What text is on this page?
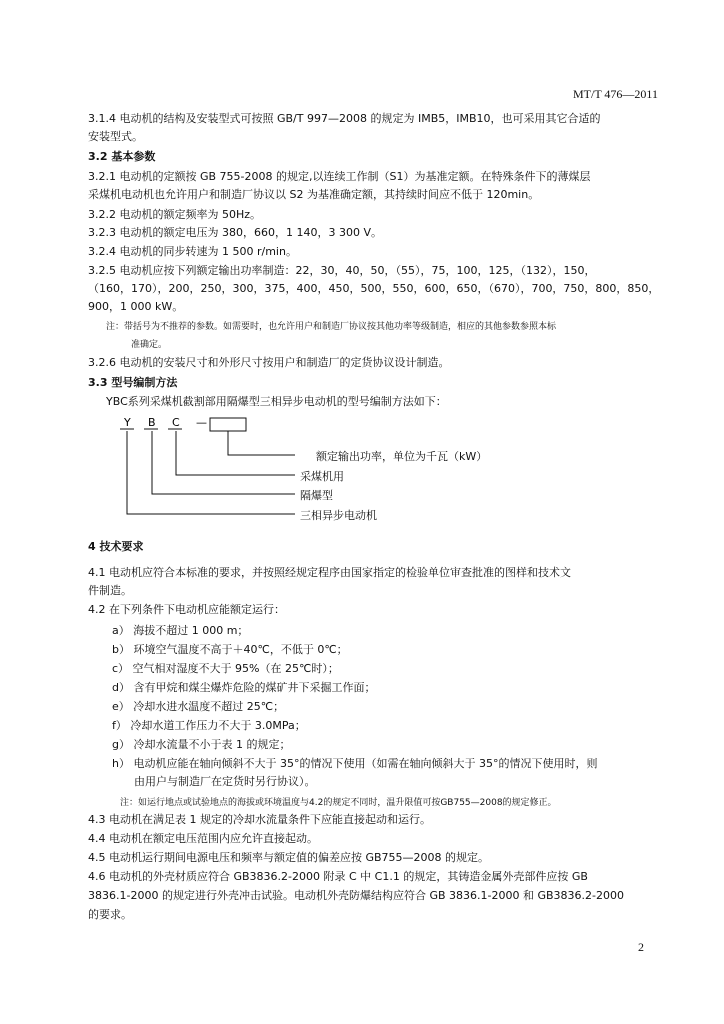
MT/T 476—2011
3.1.4 电动机的结构及安装型式可按照 GB/T 997—2008 的规定为 IMB5，IMB10，也可采用其它合适的
安装型式。
3.2 基本参数
3.2.1 电动机的定额按 GB 755-2008 的规定,以连续工作制（S1）为基准定额。在特殊条件下的薄煤层
采煤机电动机也允许用户和制造厂协议以 S2 为基准确定额，其持续时间应不低于 120min。
3.2.2 电动机的额定频率为 50Hz。
3.2.3 电动机的额定电压为 380，660，1 140，3 300 V。
3.2.4 电动机的同步转速为 1 500 r/min。
3.2.5 电动机应按下列额定输出功率制造：22，30，40，50，（55），75，100，125，（132），150，
（160，170），200，250，300，375，400，450，500，550，600，650，（670），700，750，800，850，
900，1 000 kW。
注：带括号为不推荐的参数。如需要时，也允许用户和制造厂协议按其他功率等级制造，相应的其他参数参照本标
准确定。
3.2.6 电动机的安装尺寸和外形尺寸按用户和制造厂的定货协议设计制造。
3.3 型号编制方法
YBC系列采煤机截割部用隔爆型三相异步电动机的型号编制方法如下：
Y B C —
额定输出功率，单位为千瓦（kW）
采煤机用
隔爆型
三相异步电动机
4 技术要求
4.1 电动机应符合本标准的要求，并按照经规定程序由国家指定的检验单位审查批准的图样和技术文
件制造。
4.2 在下列条件下电动机应能额定运行：
a） 海拔不超过 1 000 m；
b） 环境空气温度不高于＋40℃，不低于 0℃；
c） 空气相对湿度不大于 95%（在 25℃时）；
d） 含有甲烷和煤尘爆炸危险的煤矿井下采掘工作面；
e） 冷却水进水温度不超过 25℃；
f） 冷却水道工作压力不大于 3.0MPa；
g） 冷却水流量不小于表 1 的规定；
h） 电动机应能在轴向倾斜不大于 35°的情况下使用（如需在轴向倾斜大于 35°的情况下使用时，则
由用户与制造厂在定货时另行协议）。
注：如运行地点或试验地点的海拔或环境温度与4.2的规定不同时，温升限值可按GB755—2008的规定修正。
4.3 电动机在满足表 1 规定的冷却水流量条件下应能直接起动和运行。
4.4 电动机在额定电压范围内应允许直接起动。
4.5 电动机运行期间电源电压和频率与额定值的偏差应按 GB755—2008 的规定。
4.6 电动机的外壳材质应符合 GB3836.2-2000 附录 C 中 C1.1 的规定，其铸造金属外壳部件应按 GB
3836.1-2000 的规定进行外壳冲击试验。电动机外壳防爆结构应符合 GB 3836.1-2000 和 GB3836.2-2000
的要求。
2
